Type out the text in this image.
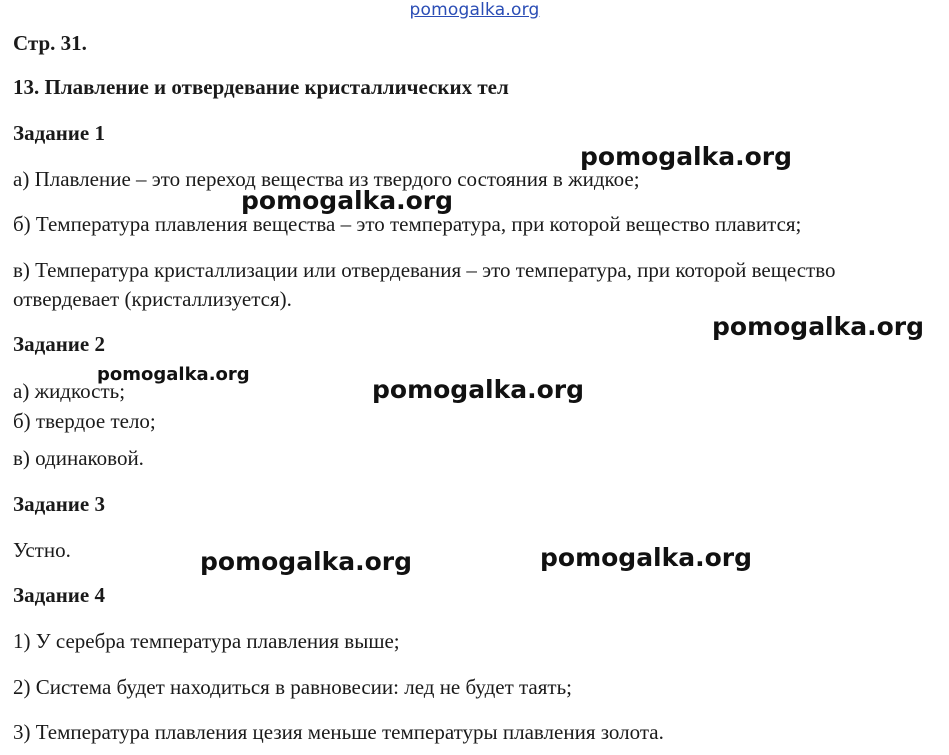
pomogalka.org
Стр. 31.
13. Плавление и отвердевание кристаллических тел
Задание 1
а) Плавление – это переход вещества из твердого состояния в жидкое;
б) Температура плавления вещества – это температура, при которой вещество плавится;
в) Температура кристаллизации или отвердевания – это температура, при которой вещество
отвердевает (кристаллизуется).
Задание 2
а) жидкость;
б) твердое тело;
в) одинаковой.
Задание 3
Устно.
Задание 4
1) У серебра температура плавления выше;
2) Система будет находиться в равновесии: лед не будет таять;
3) Температура плавления цезия меньше температуры плавления золота.
pomogalka.org
pomogalka.org
pomogalka.org
pomogalka.org
pomogalka.org
pomogalka.org	pomogalka.org
